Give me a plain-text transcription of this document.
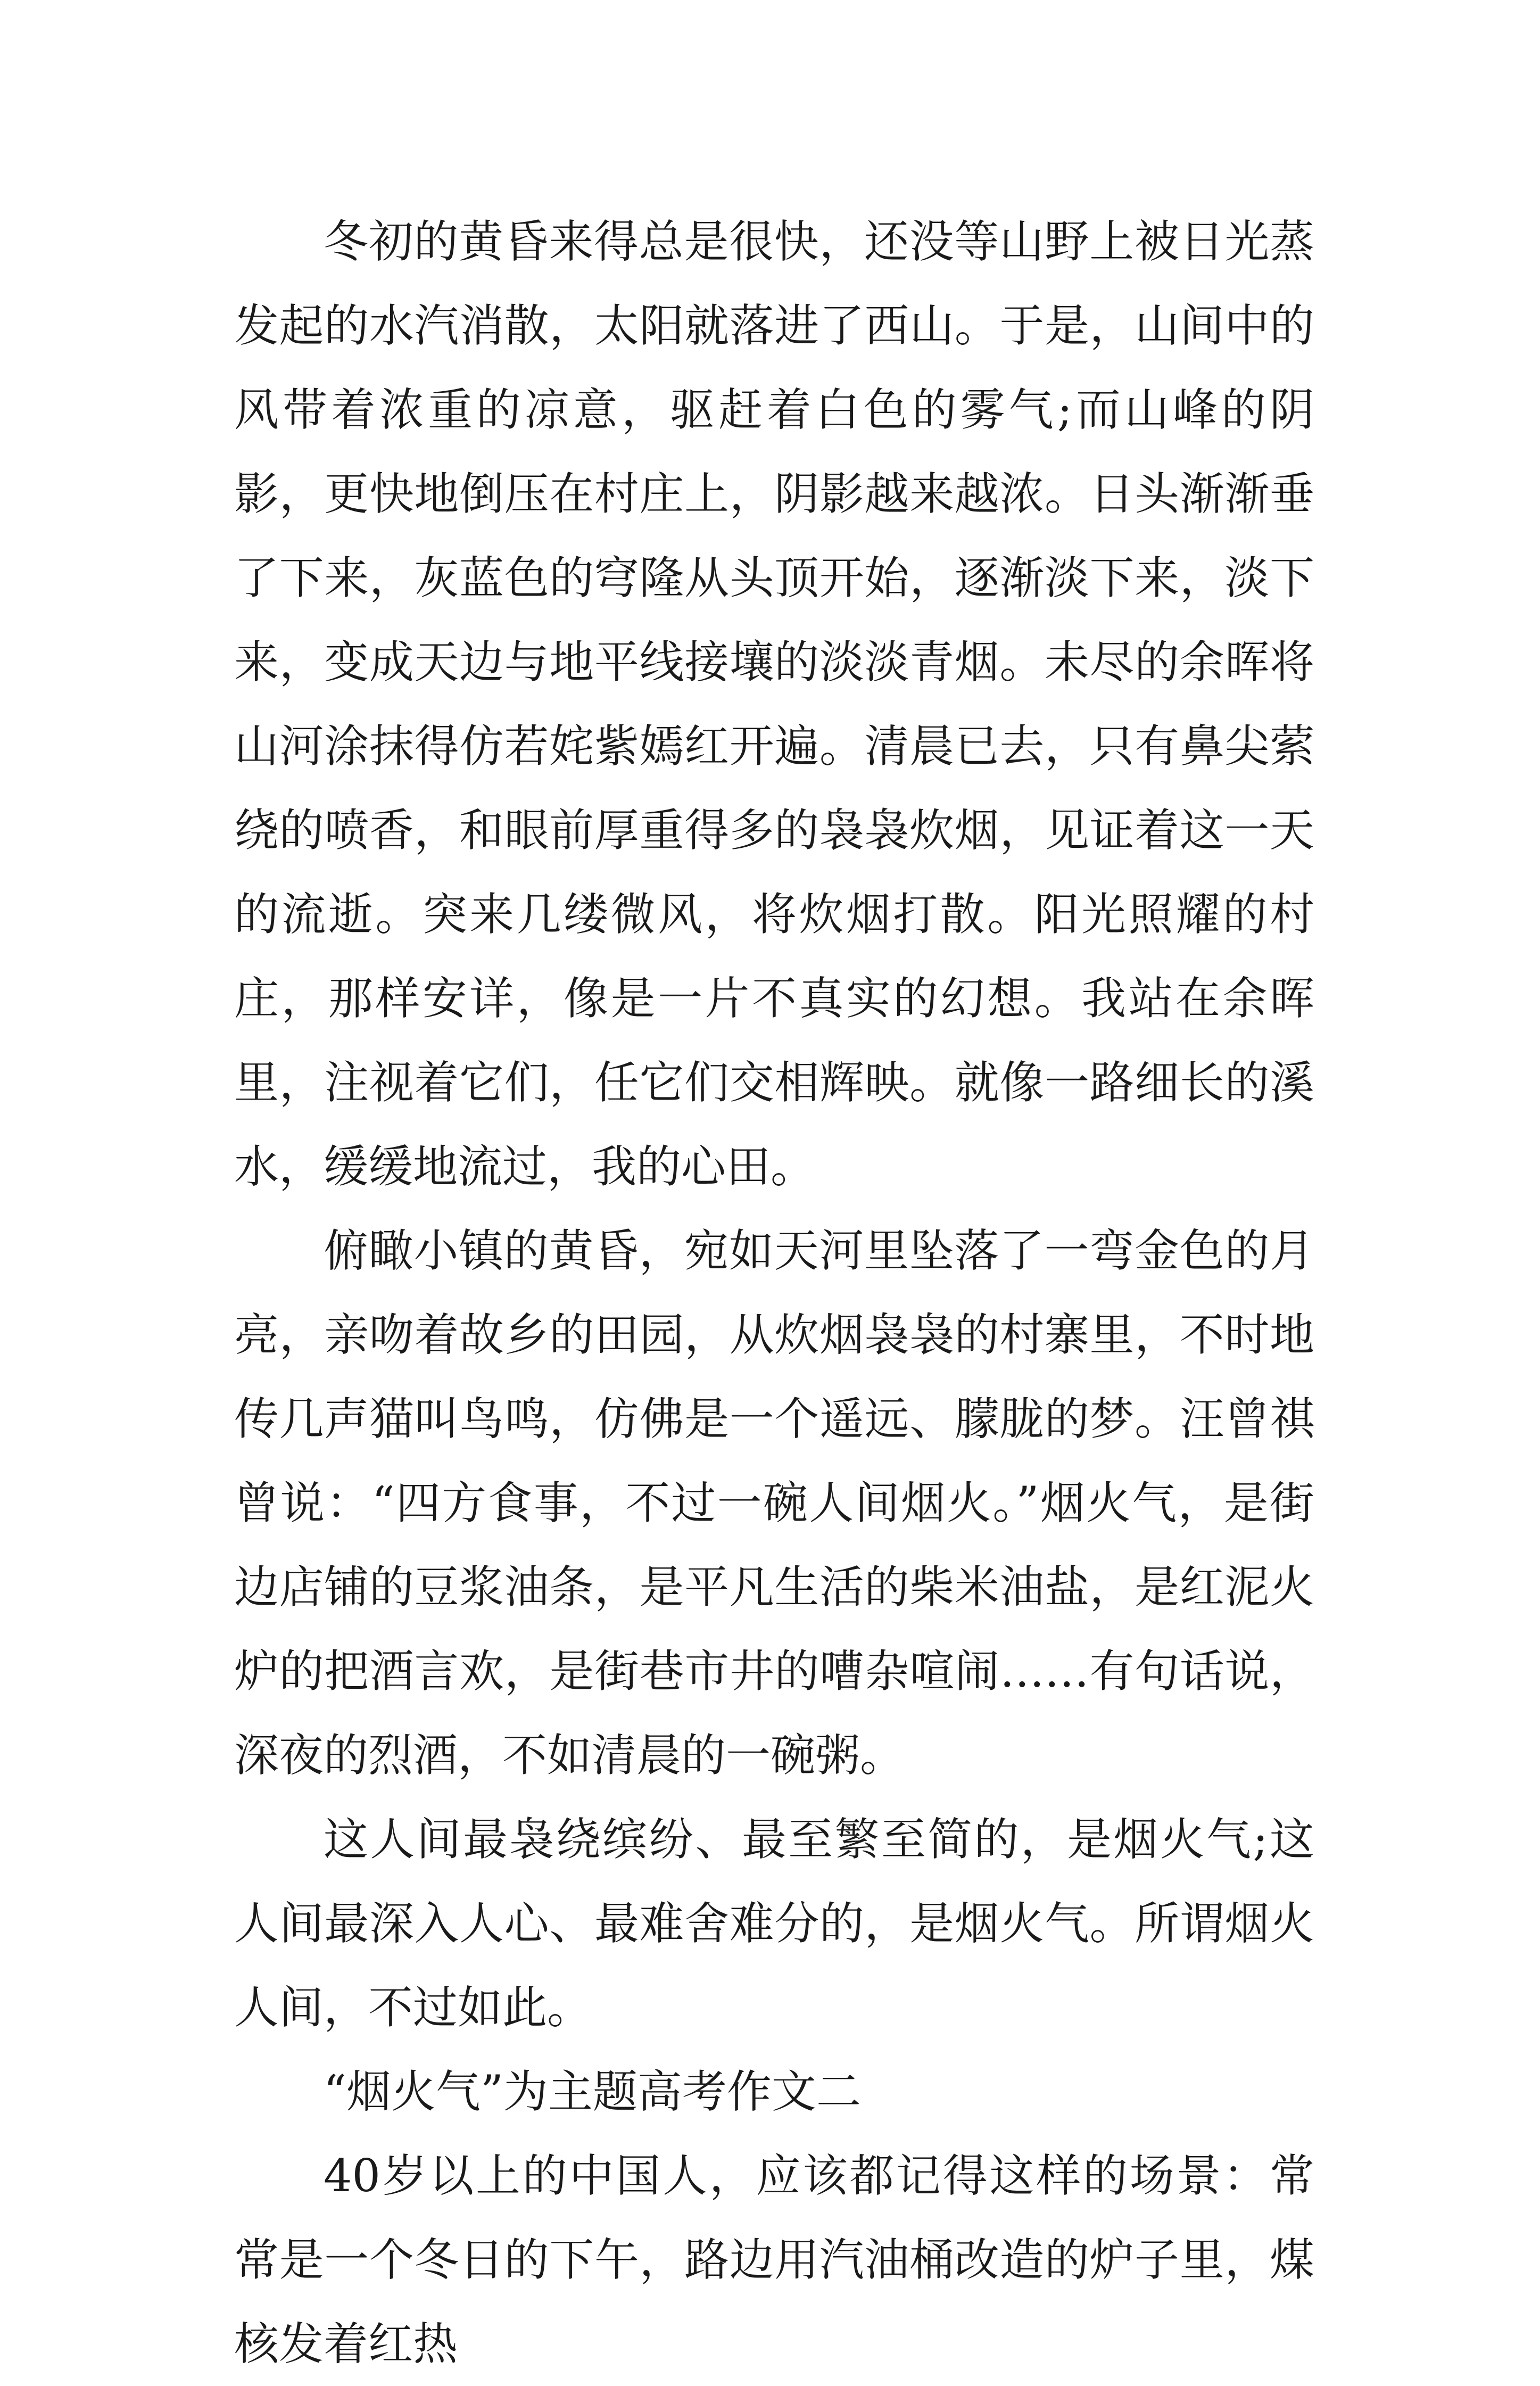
冬初的黄昏来得总是很快，还没等山野上被日光蒸发起的水汽消散，太阳就落进了西山。于是，山间中的风带着浓重的凉意，驱赶着白色的雾气;而山峰的阴影，更快地倒压在村庄上，阴影越来越浓。日头渐渐垂了下来，灰蓝色的穹隆从头顶开始，逐渐淡下来，淡下来，变成天边与地平线接壤的淡淡青烟。未尽的余晖将山河涂抹得仿若姹紫嫣红开遍。清晨已去，只有鼻尖萦绕的喷香，和眼前厚重得多的袅袅炊烟，见证着这一天的流逝。突来几缕微风，将炊烟打散。阳光照耀的村庄，那样安详，像是一片不真实的幻想。我站在余晖里，注视着它们，任它们交相辉映。就像一路细长的溪水，缓缓地流过，我的心田。

俯瞰小镇的黄昏，宛如天河里坠落了一弯金色的月亮，亲吻着故乡的田园，从炊烟袅袅的村寨里，不时地传几声猫叫鸟鸣，仿佛是一个遥远、朦胧的梦。汪曾祺曾说：“四方食事，不过一碗人间烟火。”烟火气，是街边店铺的豆浆油条，是平凡生活的柴米油盐，是红泥火炉的把酒言欢，是街巷市井的嘈杂喧闹……有句话说，深夜的烈酒，不如清晨的一碗粥。

这人间最袅绕缤纷、最至繁至简的，是烟火气;这人间最深入人心、最难舍难分的，是烟火气。所谓烟火人间，不过如此。

“烟火气”为主题高考作文二

40岁以上的中国人，应该都记得这样的场景：常常是一个冬日的下午，路边用汽油桶改造的炉子里，煤核发着红热
